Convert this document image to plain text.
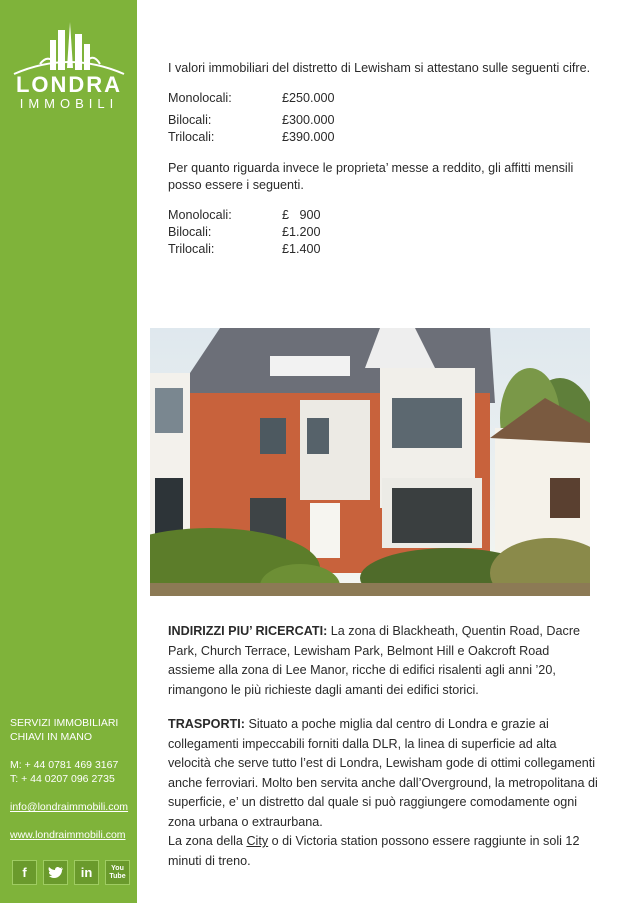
LONDRA
IMMOBILI

SERVIZI IMMOBILIARI

CHIAVI IN MANO

M: + 44 0781 469 3167

T: + 44 0207 096 2735

info@londraimmobili.com

www.londraimmobili.com

f	in	You Tube

I valori immobiliari del distretto di Lewisham si attestano sulle seguenti cifre.

Monolocali:	£250.000
Bilocali:	£300.000
Trilocali:	£390.000

Per quanto riguarda invece le proprieta’ messe a reddito, gli affitti mensili posso essere i seguenti.

Monolocali:	£   900
Bilocali:	£1.200
Trilocali:	£1.400
INDIRIZZI PIU’ RICERCATI: La zona di Blackheath, Quentin Road, Dacre Park, Church Terrace, Lewisham Park, Belmont Hill e Oakcroft Road assieme alla zona di Lee Manor, ricche di edifici risalenti agli anni ’20, rimangono le più richieste dagli amanti dei edifici storici.
TRASPORTI: Situato a poche miglia dal centro di Londra e grazie ai collegamenti impeccabili forniti dalla DLR, la linea di superficie ad alta velocità che serve tutto l’est di Londra, Lewisham gode di ottimi collegamenti anche ferroviari. Molto ben servita anche dall’Overground, la metropolitana di superficie, e’ un distretto dal quale si può raggiungere comodamente ogni zona urbana o extraurbana.
La zona della City o di Victoria station possono essere raggiunte in soli 12 minuti di treno.
